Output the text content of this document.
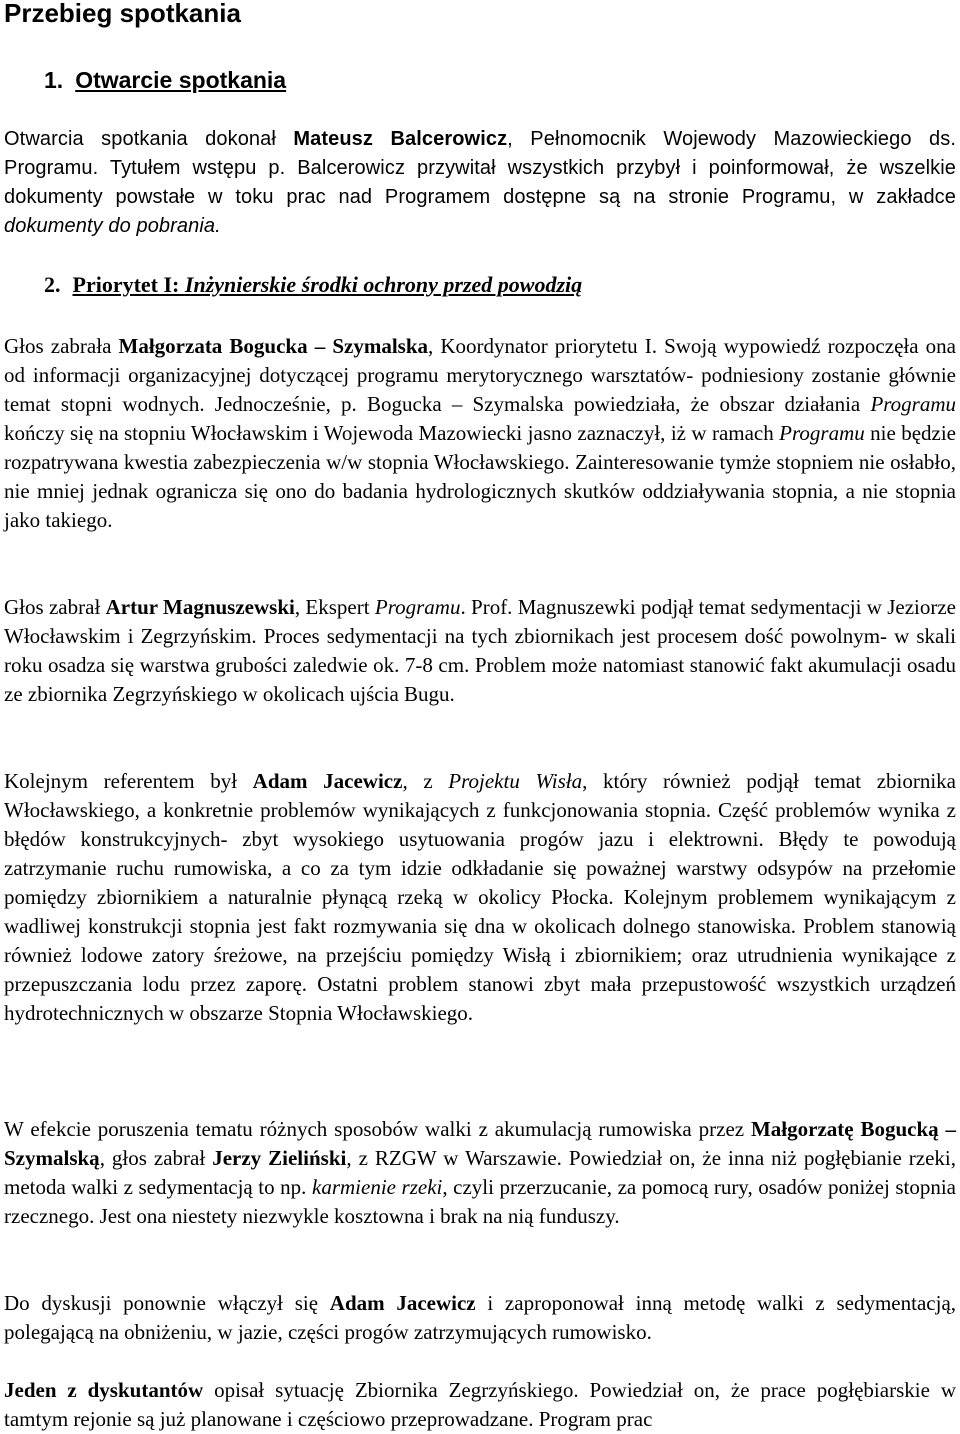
Przebieg spotkania
1. Otwarcie spotkania

Otwarcia spotkania dokonał Mateusz Balcerowicz, Pełnomocnik Wojewody Mazowieckiego ds. Programu. Tytułem wstępu p. Balcerowicz przywitał wszystkich przybył i poinformował, że wszelkie dokumenty powstałe w toku prac nad Programem dostępne są na stronie Programu, w zakładce dokumenty do pobrania.

2. Priorytet I: Inżynierskie środki ochrony przed powodzią

Głos zabrała Małgorzata Bogucka – Szymalska, Koordynator priorytetu I. Swoją wypowiedź rozpoczęła ona od informacji organizacyjnej dotyczącej programu merytorycznego warsztatów- podniesiony zostanie głównie temat stopni wodnych. Jednocześnie, p. Bogucka – Szymalska powiedziała, że obszar działania Programu kończy się na stopniu Włocławskim i Wojewoda Mazowiecki jasno zaznaczył, iż w ramach Programu nie będzie rozpatrywana kwestia zabezpieczenia w/w stopnia Włocławskiego. Zainteresowanie tymże stopniem nie osłabło, nie mniej jednak ogranicza się ono do badania hydrologicznych skutków oddziaływania stopnia, a nie stopnia jako takiego.

Głos zabrał Artur Magnuszewski, Ekspert Programu. Prof. Magnuszewki podjął temat sedymentacji w Jeziorze Włocławskim i Zegrzyńskim. Proces sedymentacji na tych zbiornikach jest procesem dość powolnym- w skali roku osadza się warstwa grubości zaledwie ok. 7-8 cm. Problem może natomiast stanowić fakt akumulacji osadu ze zbiornika Zegrzyńskiego w okolicach ujścia Bugu.

Kolejnym referentem był Adam Jacewicz, z Projektu Wisła, który również podjął temat zbiornika Włocławskiego, a konkretnie problemów wynikających z funkcjonowania stopnia. Część problemów wynika z błędów konstrukcyjnych- zbyt wysokiego usytuowania progów jazu i elektrowni. Błędy te powodują zatrzymanie ruchu rumowiska, a co za tym idzie odkładanie się poważnej warstwy odsypów na przełomie pomiędzy zbiornikiem a naturalnie płynącą rzeką w okolicy Płocka. Kolejnym problemem wynikającym z wadliwej konstrukcji stopnia jest fakt rozmywania się dna w okolicach dolnego stanowiska. Problem stanowią również lodowe zatory śreżowe, na przejściu pomiędzy Wisłą i zbiornikiem; oraz utrudnienia wynikające z przepuszczania lodu przez zaporę. Ostatni problem stanowi zbyt mała przepustowość wszystkich urządzeń hydrotechnicznych w obszarze Stopnia Włocławskiego.

W efekcie poruszenia tematu różnych sposobów walki z akumulacją rumowiska przez Małgorzatę Bogucką – Szymalską, głos zabrał Jerzy Zieliński, z RZGW w Warszawie. Powiedział on, że inna niż pogłębianie rzeki, metoda walki z sedymentacją to np. karmienie rzeki, czyli przerzucanie, za pomocą rury, osadów poniżej stopnia rzecznego. Jest ona niestety niezwykle kosztowna i brak na nią funduszy.

Do dyskusji ponownie włączył się Adam Jacewicz i zaproponował inną metodę walki z sedymentacją, polegającą na obniżeniu, w jazie, części progów zatrzymujących rumowisko.

Jeden z dyskutantów opisał sytuację Zbiornika Zegrzyńskiego. Powiedział on, że prace pogłębiarskie w tamtym rejonie są już planowane i częściowo przeprowadzane. Program prac
